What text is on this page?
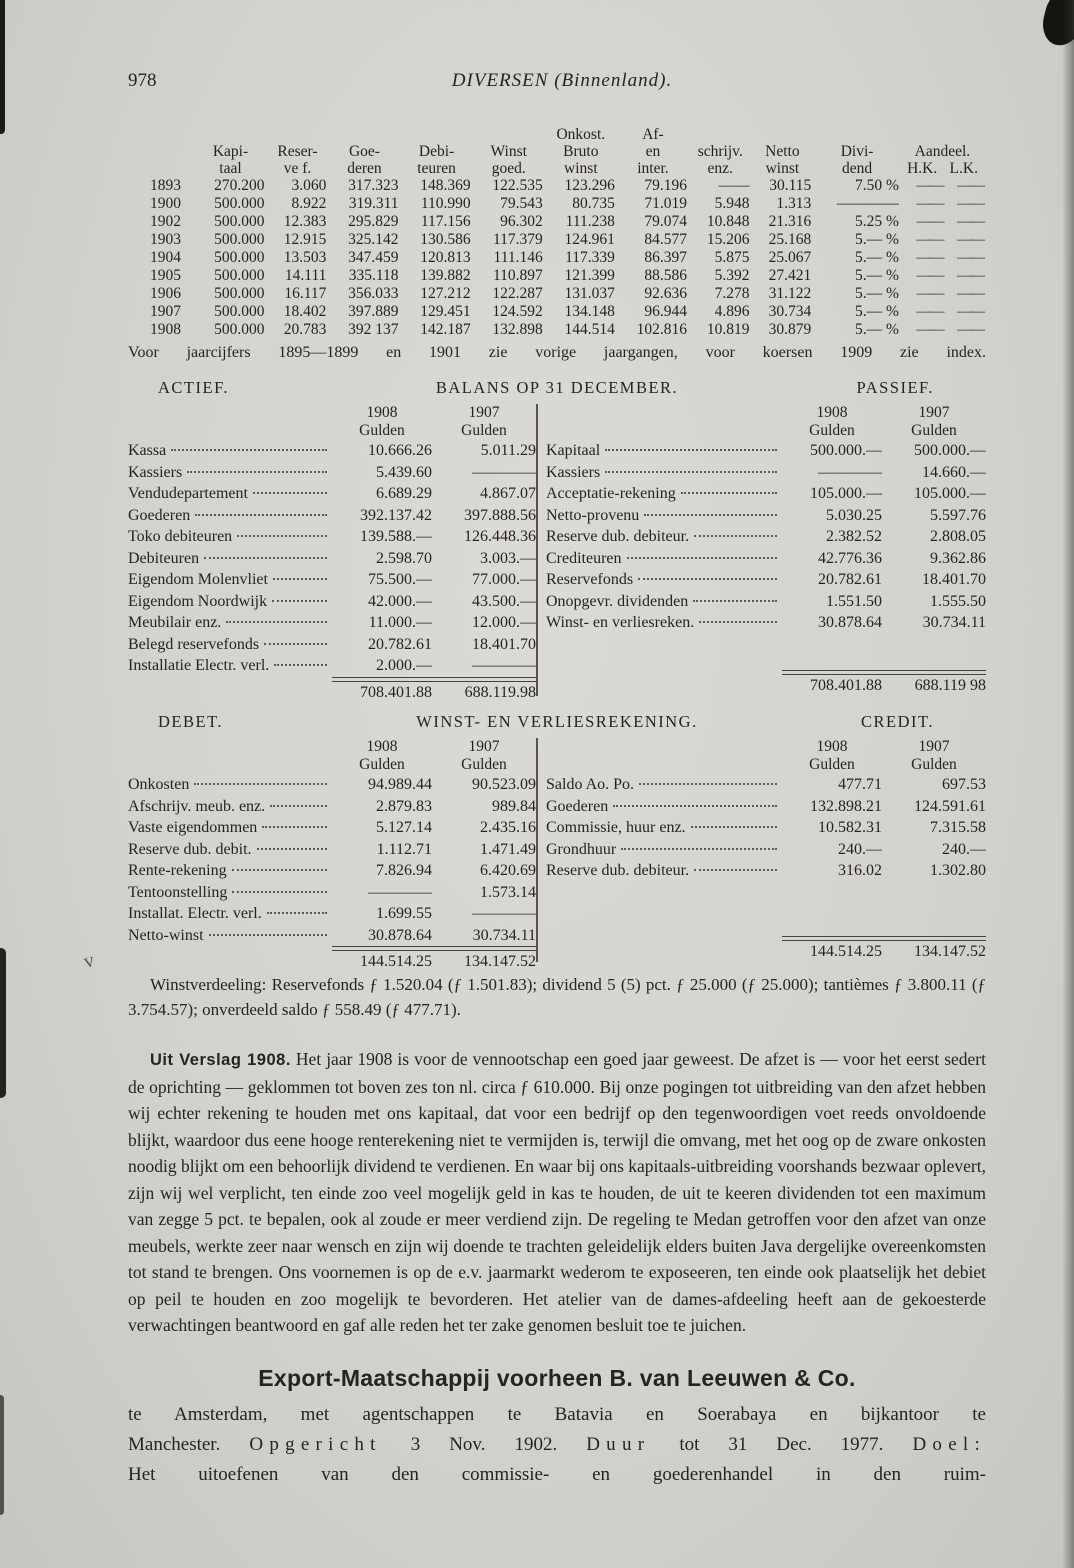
v
978	DIVERSEN (Binnenland).
						Onkost.	Af-					
	Kapi-	Reser-	Goe-	Debi-	Winst	Bruto	en	schrijv.	Netto	Divi-	Aandeel.	
	taal	ve f.	deren	teuren	goed.	winst	inter.	enz.	winst	dend	H.K.	L.K.
1893	270.200	3.060	317.323	148.369	122.535	123.296	79.196	——	30.115	7.50 %	——	——
1900	500.000	8.922	319.311	110.990	79.543	80.735	71.019	5.948	1.313	————	——	——
1902	500.000	12.383	295.829	117.156	96.302	111.238	79.074	10.848	21.316	5.25 %	——	——
1903	500.000	12.915	325.142	130.586	117.379	124.961	84.577	15.206	25.168	5.— %	——	——
1904	500.000	13.503	347.459	120.813	111.146	117.339	86.397	5.875	25.067	5.— %	——	——
1905	500.000	14.111	335.118	139.882	110.897	121.399	88.586	5.392	27.421	5.— %	——	——
1906	500.000	16.117	356.033	127.212	122.287	131.037	92.636	7.278	31.122	5.— %	——	——
1907	500.000	18.402	397.889	129.451	124.592	134.148	96.944	4.896	30.734	5.— %	——	——
1908	500.000	20.783	392 137	142.187	132.898	144.514	102.816	10.819	30.879	5.— %	——	——
Voor jaarcijfers 1895—1899 en 1901 zie vorige jaargangen, voor koersen 1909 zie index.
ACTIEF.	BALANS OP 31 DECEMBER.	PASSIEF.
	1908	1907
	Gulden	Gulden

Kassa	10.666.26	5.011.29

Kassiers	5.439.60	————

Vendudepartement	6.689.29	4.867.07

Goederen	392.137.42	397.888.56

Toko debiteuren	139.588.—	126.448.36

Debiteuren	2.598.70	3.003.—

Eigendom Molenvliet	75.500.—	77.000.—

Eigendom Noordwijk	42.000.—	43.500.—

Meubilair enz.	11.000.—	12.000.—

Belegd reservefonds	20.782.61	18.401.70

Installatie Electr. verl.	2.000.—	————

	708.401.88	688.119.98
	1908	1907
	Gulden	Gulden

Kapitaal	500.000.—	500.000.—

Kassiers	————	14.660.—

Acceptatie-rekening	105.000.—	105.000.—

Netto-provenu	5.030.25	5.597.76

Reserve dub. debiteur.	2.382.52	2.808.05

Crediteuren	42.776.36	9.362.86

Reservefonds	20.782.61	18.401.70

Onopgevr. dividenden	1.551.50	1.555.50

Winst- en verliesreken.	30.878.64	30.734.11

	708.401.88	688.119 98
DEBET.	WINST- EN VERLIESREKENING.	CREDIT.
	1908	1907
	Gulden	Gulden

Onkosten	94.989.44	90.523.09

Afschrijv. meub. enz.	2.879.83	989.84

Vaste eigendommen	5.127.14	2.435.16

Reserve dub. debit.	1.112.71	1.471.49

Rente-rekening	7.826.94	6.420.69

Tentoonstelling	————	1.573.14

Installat. Electr. verl.	1.699.55	————

Netto-winst	30.878.64	30.734.11

	144.514.25	134.147.52
	1908	1907
	Gulden	Gulden

Saldo Ao. Po.	477.71	697.53

Goederen	132.898.21	124.591.61

Commissie, huur enz.	10.582.31	7.315.58

Grondhuur	240.—	240.—

Reserve dub. debiteur.	316.02	1.302.80

	144.514.25	134.147.52
Winstverdeeling: Reservefonds ƒ 1.520.04 (ƒ 1.501.83); dividend 5 (5) pct. ƒ 25.000 (ƒ 25.000); tantièmes ƒ 3.800.11 (ƒ 3.754.57); onverdeeld saldo ƒ 558.49 (ƒ 477.71).
Uit Verslag 1908. Het jaar 1908 is voor de vennootschap een goed jaar geweest. De afzet is — voor het eerst sedert de oprichting — geklommen tot boven zes ton nl. circa ƒ 610.000. Bij onze pogingen tot uitbreiding van den afzet hebben wij echter rekening te houden met ons kapitaal, dat voor een bedrijf op den tegenwoordigen voet reeds onvoldoende blijkt, waardoor dus eene hooge renterekening niet te vermijden is, terwijl die omvang, met het oog op de zware onkosten noodig blijkt om een behoorlijk dividend te verdienen. En waar bij ons kapitaals-uitbreiding voorshands bezwaar oplevert, zijn wij wel verplicht, ten einde zoo veel mogelijk geld in kas te houden, de uit te keeren dividenden tot een maximum van zegge 5 pct. te bepalen, ook al zoude er meer verdiend zijn. De regeling te Medan getroffen voor den afzet van onze meubels, werkte zeer naar wensch en zijn wij doende te trachten geleidelijk elders buiten Java dergelijke overeenkomsten tot stand te brengen. Ons voornemen is op de e.v. jaarmarkt wederom te exposeeren, ten einde ook plaatselijk het debiet op peil te houden en zoo mogelijk te bevorderen. Het atelier van de dames-afdeeling heeft aan de gekoesterde verwachtingen beantwoord en gaf alle reden het ter zake genomen besluit toe te juichen.
Export-Maatschappij voorheen B. van Leeuwen & Co.
te Amsterdam, met agentschappen te Batavia en Soerabaya en bijkantoor te
Manchester. Opgericht 3 Nov. 1902. Duur tot 31 Dec. 1977. Doel:
Het uitoefenen van den commissie- en goederenhandel in den ruim-
